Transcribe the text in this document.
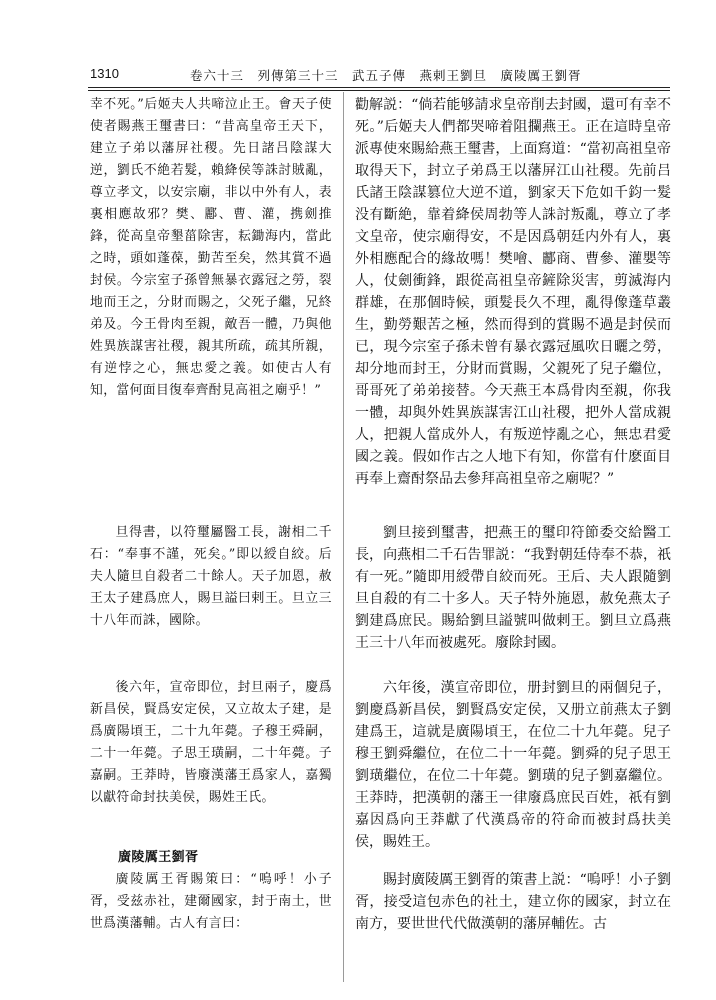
1310	卷六十三　列傳第三十三　武五子傳　燕剌王劉旦　廣陵厲王劉胥

幸不死。”后姬夫人共啼泣止王。會天子使使者賜燕王璽書曰：“昔高皇帝王天下，建立子弟以藩屏社稷。先日諸吕陰謀大逆，劉氏不絶若髮，賴絳侯等誅討賊亂，尊立孝文，以安宗廟，非以中外有人，表裏相應故邪？樊、酈、曹、灌，携劍推鋒，從高皇帝墾菑除害，耘鋤海内，當此之時，頭如蓬葆，勤苦至矣，然其賞不過封侯。今宗室子孫曾無暴衣露冠之勞，裂地而王之，分財而賜之，父死子繼，兄終弟及。今王骨肉至親，敵吾一體，乃與他姓異族謀害社稷，親其所疏，疏其所親，有逆悖之心，無忠愛之義。如使古人有知，當何面目復奉齊酎見高祖之廟乎！”

旦得書，以符璽屬醫工長，謝相二千石：“奉事不謹，死矣。”即以綬自絞。后夫人隨旦自殺者二十餘人。天子加恩，赦王太子建爲庶人，賜旦謚曰剌王。旦立三十八年而誅，國除。

後六年，宣帝即位，封旦兩子，慶爲新昌侯，賢爲安定侯，又立故太子建，是爲廣陽頃王，二十九年薨。子穆王舜嗣，二十一年薨。子思王璜嗣，二十年薨。子嘉嗣。王莽時，皆廢漢藩王爲家人，嘉獨以獻符命封扶美侯，賜姓王氏。

廣陵厲王劉胥

廣陵厲王胥賜策曰：“嗚呼！小子胥，受兹赤社，建爾國家，封于南土，世世爲漢藩輔。古人有言曰：

勸解説：“倘若能够請求皇帝削去封國，還可有幸不死。”后姬夫人們都哭啼着阻攔燕王。正在這時皇帝派專使來賜給燕王璽書，上面寫道：“當初高祖皇帝取得天下，封立子弟爲王以藩屏江山社稷。先前吕氏諸王陰謀篡位大逆不道，劉家天下危如千鈞一髮没有斷絶，靠着絳侯周勃等人誅討叛亂，尊立了孝文皇帝，使宗廟得安，不是因爲朝廷内外有人，裏外相應配合的緣故嗎！樊噲、酈商、曹參、灌嬰等人，仗劍衝鋒，跟從高祖皇帝鏟除災害，剪滅海内群雄，在那個時候，頭髮長久不理，亂得像蓬草叢生，勤勞艱苦之極，然而得到的賞賜不過是封侯而已，現今宗室子孫未曾有暴衣露冠風吹日曬之勞，却分地而封王，分財而賞賜，父親死了兒子繼位，哥哥死了弟弟接替。今天燕王本爲骨肉至親，你我一體，却與外姓異族謀害江山社稷，把外人當成親人，把親人當成外人，有叛逆悖亂之心，無忠君愛國之義。假如作古之人地下有知，你當有什麽面目再奉上齋酎祭品去參拜高祖皇帝之廟呢？”

劉旦接到璽書，把燕王的璽印符節委交給醫工長，向燕相二千石告罪説：“我對朝廷侍奉不恭，祇有一死。”隨即用綬帶自絞而死。王后、夫人跟隨劉旦自殺的有二十多人。天子特外施恩，赦免燕太子劉建爲庶民。賜給劉旦謚號叫做剌王。劉旦立爲燕王三十八年而被處死。廢除封國。

六年後，漢宣帝即位，册封劉旦的兩個兒子，劉慶爲新昌侯，劉賢爲安定侯，又册立前燕太子劉建爲王，這就是廣陽頃王，在位二十九年薨。兒子穆王劉舜繼位，在位二十一年薨。劉舜的兒子思王劉璜繼位，在位二十年薨。劉璜的兒子劉嘉繼位。王莽時，把漢朝的藩王一律廢爲庶民百姓，祇有劉嘉因爲向王莽獻了代漢爲帝的符命而被封爲扶美侯，賜姓王。

賜封廣陵厲王劉胥的策書上説：“嗚呼！小子劉胥，接受這包赤色的社土，建立你的國家，封立在南方，要世世代代做漢朝的藩屏輔佐。古
